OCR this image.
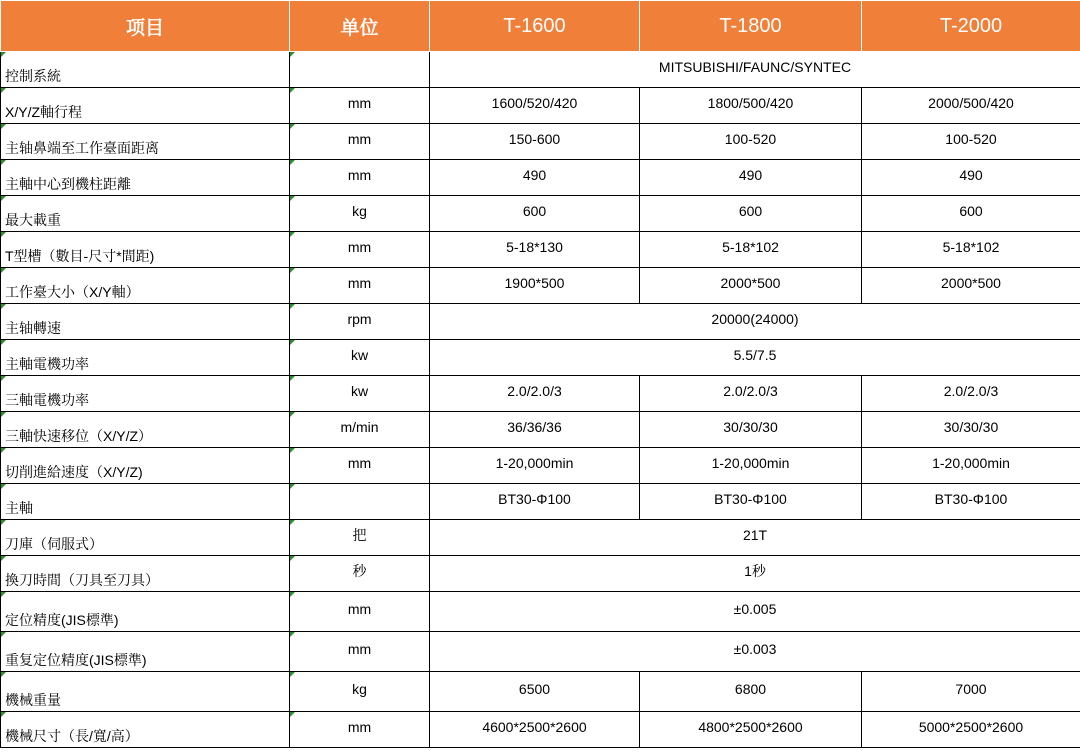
项目	单位	T-1600	T-1800	T-2000

控制系統		MITSUBISHI/FAUNC/SYNTEC		

X/Y/Z軸行程	mm	1600/520/420	1800/500/420	2000/500/420

主轴鼻端至工作臺面距离	mm	150-600	100-520	100-520

主軸中心到機柱距離	mm	490	490	490

最大載重	kg	600	600	600

T型槽（數目-尺寸*間距)	mm	5-18*130	5-18*102	5-18*102

工作臺大小（X/Y軸）	mm	1900*500	2000*500	2000*500

主轴轉速	rpm	20000(24000)		

主軸電機功率	kw	5.5/7.5		

三軸電機功率	kw	2.0/2.0/3	2.0/2.0/3	2.0/2.0/3

三軸快速移位（X/Y/Z）	m/min	36/36/36	30/30/30	30/30/30

切削進給速度（X/Y/Z)	mm	1-20,000min	1-20,000min	1-20,000min

主軸		BT30-Φ100	BT30-Φ100	BT30-Φ100

刀庫（伺服式）	把	21T		

換刀時間（刀具至刀具）	秒	1秒		

定位精度(JIS標準)	mm	±0.005		

重复定位精度(JIS標準)	mm	±0.003		

機械重量	kg	6500	6800	7000

機械尺寸（長/寬/高）	mm	4600*2500*2600	4800*2500*2600	5000*2500*2600
